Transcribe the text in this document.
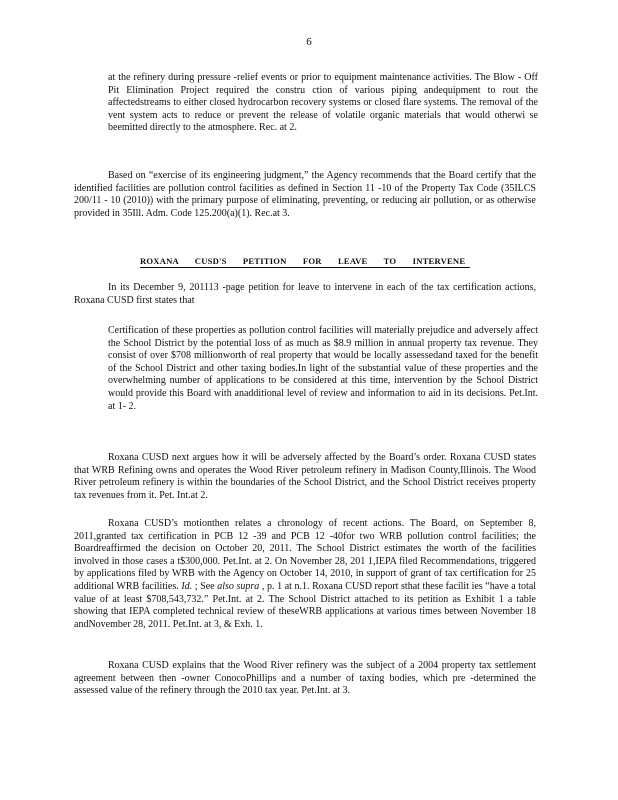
6

at the refinery during pressure -relief events or prior to equipment maintenance activities. The Blow - Off Pit Elimination Project required the constru ction of various piping andequipment to rout the affectedstreams to either closed hydrocarbon recovery systems or closed flare systems. The removal of the vent system acts to reduce or prevent the release of volatile organic materials that would otherwi se beemitted directly to the atmosphere. Rec. at 2.

Based on “exercise of its engineering judgment,” the Agency recommends that the Board certify that the identified facilities are pollution control facilities as defined in Section 11 -10 of the Property Tax Code (35ILCS 200/11 - 10 (2010)) with the primary purpose of eliminating, preventing, or reducing air pollution, or as otherwise provided in 35Ill. Adm. Code 125.200(a)(1). Rec.at 3.

ROXANA CUSD'S PETITION FOR LEAVE TO INTERVENE

In its December 9, 201113 -page petition for leave to intervene in each of the tax certification actions, Roxana CUSD first states that

Certification of these properties as pollution control facilities will materially prejudice and adversely affect the School District by the potential loss of as much as $8.9 million in annual property tax revenue. They consist of over $708 millionworth of real property that would be locally assessedand taxed for the benefit of the School District and other taxing bodies.In light of the substantial value of these properties and the overwhelming number of applications to be considered at this time, intervention by the School District would provide this Board with anadditional level of review and information to aid in its decisions. Pet.Int. at 1- 2.

Roxana CUSD next argues how it will be adversely affected by the Board’s order. Roxana CUSD states that WRB Refining owns and operates the Wood River petroleum refinery in Madison County,Illinois. The Wood River petroleum refinery is within the boundaries of the School District, and the School District receives property tax revenues from it. Pet. Int.at 2.

Roxana CUSD’s motionthen relates a chronology of recent actions. The Board, on September 8, 2011,granted tax certification in PCB 12 -39 and PCB 12 -40for two WRB pollution control facilities; the Boardreaffirmed the decision on October 20, 2011. The School District estimates the worth of the facilities involved in those cases a t$300,000. Pet.Int. at 2. On November 28, 201 1,IEPA filed Recommendations, triggered by applications filed by WRB with the Agency on October 14, 2010, in support of grant of tax certification for 25 additional WRB facilities. Id. ; See also supra , p. 1 at n.1. Roxana CUSD report sthat these facilit ies “have a total value of at least $708,543,732.” Pet.Int. at 2. The School District attached to its petition as Exhibit 1 a table showing that IEPA completed technical review of theseWRB applications at various times between November 18 andNovember 28, 2011. Pet.Int. at 3, & Exh. 1.

Roxana CUSD explains that the Wood River refinery was the subject of a 2004 property tax settlement agreement between then -owner ConocoPhillips and a number of taxing bodies, which pre -determined the assessed value of the refinery through the 2010 tax year. Pet.Int. at 3.
